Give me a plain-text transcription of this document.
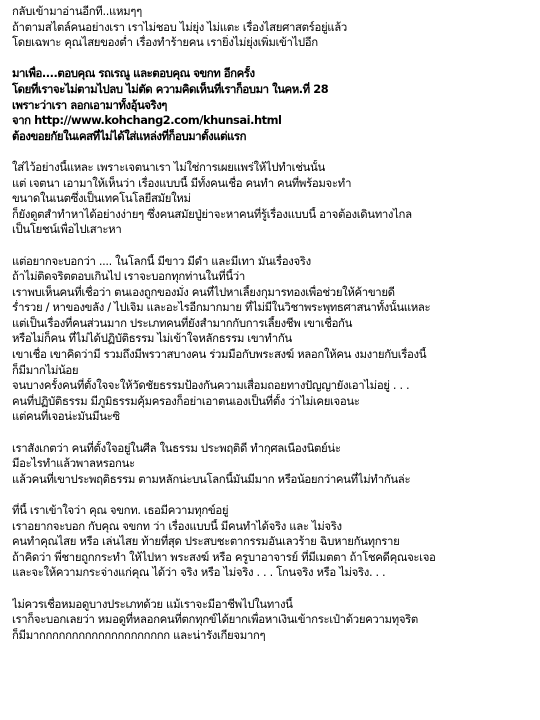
กลับเข้ามาอ่านอีกที..แหมๆๆ
ถ้าตามสไตล์คนอย่างเรา เราไม่ชอบ ไม่ยุ่ง ไม่แตะ เรื่องไสยศาสตร์อยู่แล้ว
โดยเฉพาะ คุณไสยของต่ำ เรื่องทำร้ายคน เรายิ่งไม่ยุ่งเพิ่มเข้าไปอีก
มาเพื่อ....ตอบคุณ รถเรณู และตอบคุณ จขกท อีกครั้ง
โดยที่เราจะไม่ตามไปลบ ไม่ตัด ความคิดเห็นที่เราก็อบมา ในคห.ที่ 28
เพราะว่าเรา ลอกเอามาทั้งอุ้นจริงๆ
จาก http://www.kohchang2.com/khunsai.html
ต้องขอยกัยในเคสที่ไม่ได้ใส่แหล่งที่ก็อบมาตั้งแต่แรก
ใส่ไว้อย่างนี้แหละ เพราะเจตนาเรา ไม่ใช่การเผยแพร่ให้ไปทำเช่นนั้น
แต่ เจตนา เอามาให้เห็นว่า เรื่องแบบนี้ มีทั้งคนเชื่อ คนทำ คนที่พร้อมจะทำ
ขนาดในเนตซึ่งเป็นเทคโนโลยีสมัยใหม่
ก็ยังดูตสำทำหาได้อย่างง่ายๆ ซึ่งคนสมัยปู่ย่าจะหาคนที่รู้เรื่องแบบนี้ อาจต้องเดินทางไกล
เป็นโยชน์เพื่อไปเสาะหา
แต่อยากจะบอกว่า .... ในโลกนี้ มีขาว มีดำ และมีเทา มันเรื่องจริง
ถ้าไม่ติดจริตตอบเกินไป เราจะบอกทุกท่านในที่นี้ว่า
เราพบเห็นคนที่เชื่อว่า ตนเองถูกของมั่ง คนที่ไปหาเลี้ยงกุมารทองเพื่อช่วยให้ค้าขายดี
ร่ำรวย / หาของขลัง / ไปเจิม และอะไรอีกมากมาย ที่ไม่มีในวิชาพระพุทธศาสนาทั้งนั้นแหละ
แต่เป็นเรื่องที่คนส่วนมาก ประเภทคนที่ยังสำมากกับการเลี้ยงชีพ เขาเชื่อกัน
หรือไม่ก็คน ที่ไม่ได้ปฏิบัติธรรม ไม่เข้าใจหลักธรรม เขาทำกัน
เขาเชื่อ เขาคิดว่ามี รวมถึงมีพรวาสบางคน ร่วมมือกับพระสงฆ์ หลอกให้คน งมงายกับเรื่องนี้
ก็มีมากไม่น้อย
จนบางครั้งคนที่ตั้งใจจะให้วัดชัยธรรมป้องกันความเสื่อมถอยทางปัญญายังเอาไม่อยู่ . . .
คนที่ปฏิบัติธรรม มีภูมิธรรมคุ้มครองก็อย่าเอาตนเองเป็นที่ตั้ง ว่าไม่เคยเจอนะ
แต่คนที่เจอน่ะมันมีนะซิ
เราสังเกตว่า คนที่ตั้งใจอยู่ในศีล ในธรรม ประพฤติดี ทำกุศลเนืองนิตย์น่ะ
มีอะไรทำแล้วพาลหรอกนะ
แล้วคนที่เขาประพฤติธรรม ตามหลักน่ะบนโลกนี้มันมีมาก หรือน้อยกว่าคนที่ไม่ทำกันล่ะ
ที่นี้ เราเข้าใจว่า คุณ จขกท. เธอมีความทุกข์อยู่
เราอยากจะบอก กับคุณ จขกท ว่า เรื่องแบบนี้ มีคนทำได้จริง และ ไม่จริง
คนทำคุณไสย หรือ เล่นไสย ท้ายที่สุด ประสบชะตากรรมอันเลวร้าย ฉิบหายกันทุกราย
ถ้าคิดว่า พี่ชายถูกกระทำ ให้ไปหา พระสงฆ์ หรือ ครูบาอาจารย์ ที่มีเมตตา ถ้าโชคดีคุณจะเจอ
และจะให้ความกระจ่างแก่คุณ ได้ว่า จริง หรือ ไม่จริง . . . โกนจริง หรือ ไม่จริง. . .
ไม่ควรเชื่อหมอดูบางประเภทด้วย แม้เราจะมีอาชีพไปในทางนี้
เราก็จะบอกเลยว่า หมอดูที่หลอกคนที่ตกทุกข์ได้ยากเพื่อหาเงินเข้ากระเป๋าด้วยความทุจริต
ก็มีมากกกกกกกกกกกกกกกกกกกก และน่ารังเกียจมากๆ
